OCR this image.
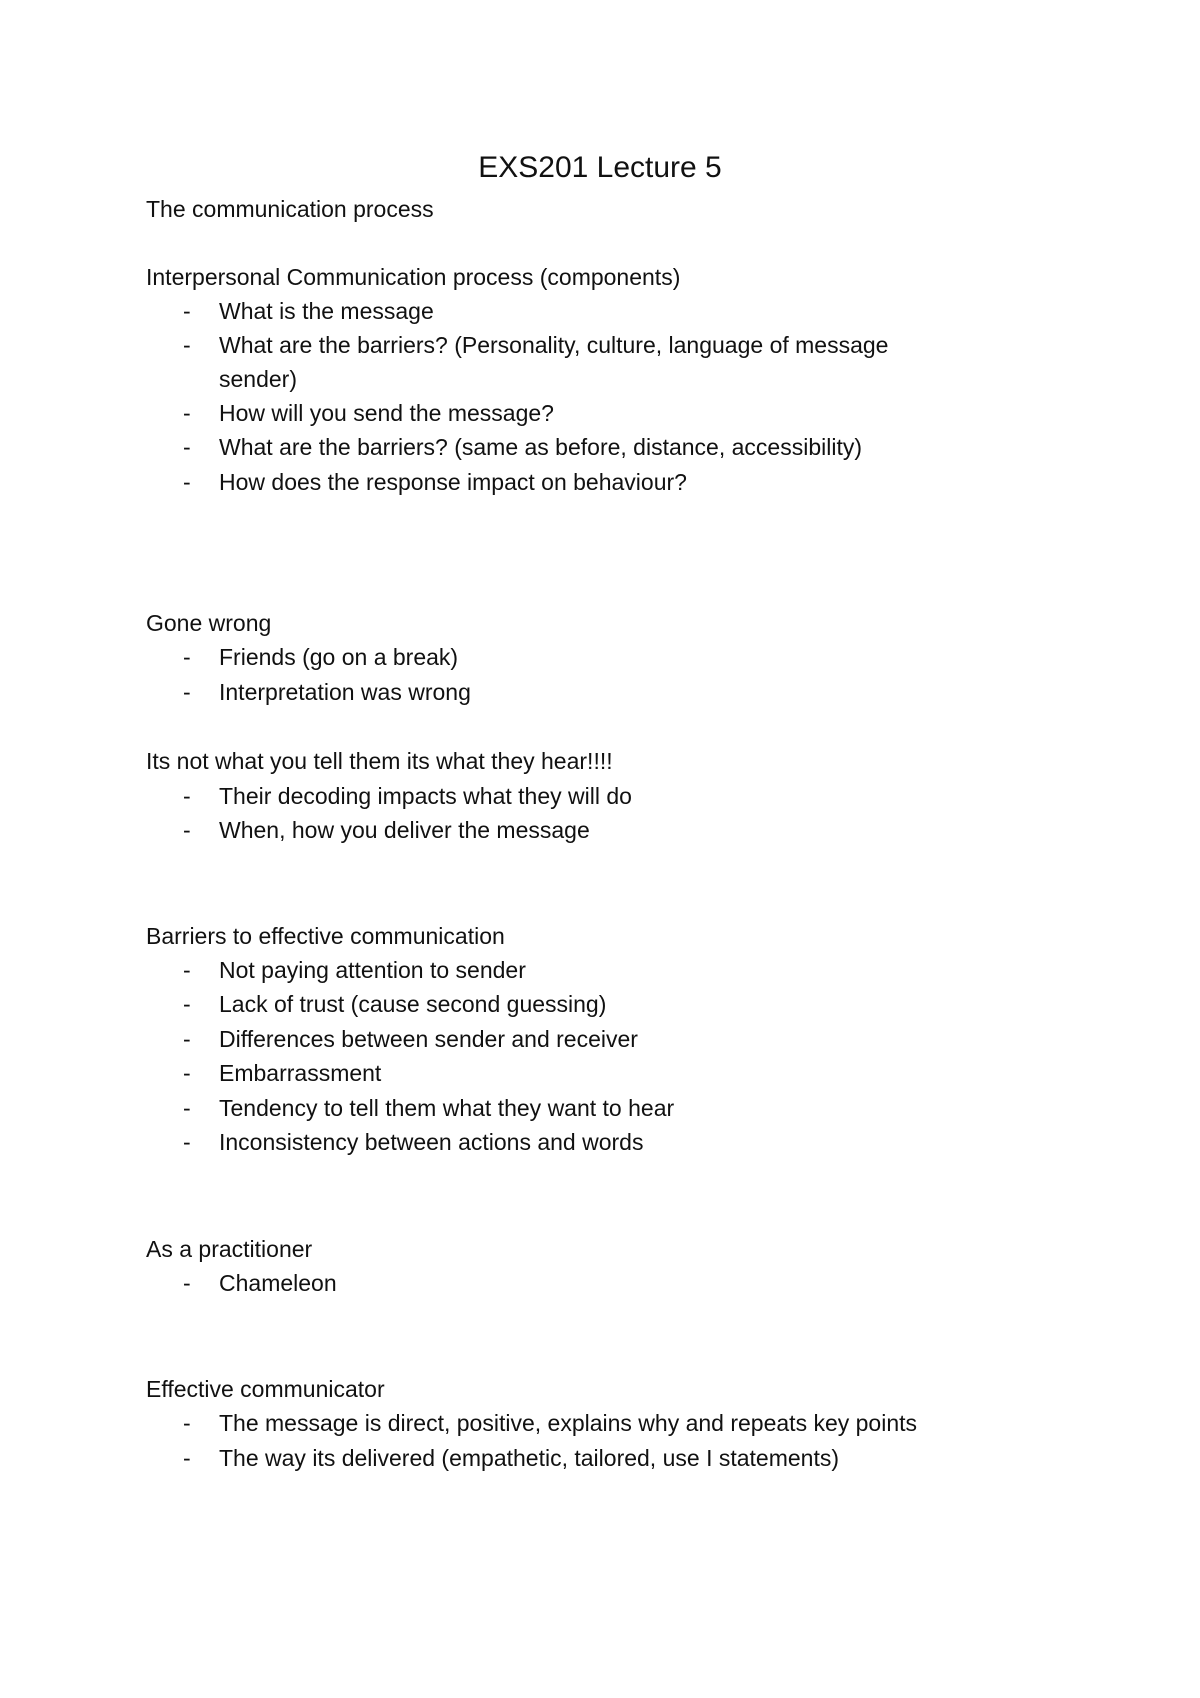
EXS201 Lecture 5
The communication process
Interpersonal Communication process (components)
- What is the message
- What are the barriers? (Personality, culture, language of message
sender)
- How will you send the message?
- What are the barriers? (same as before, distance, accessibility)
- How does the response impact on behaviour?
Gone wrong
- Friends (go on a break)
- Interpretation was wrong
Its not what you tell them its what they hear!!!!
- Their decoding impacts what they will do
- When, how you deliver the message
Barriers to effective communication
- Not paying attention to sender
- Lack of trust (cause second guessing)
- Differences between sender and receiver
- Embarrassment
- Tendency to tell them what they want to hear
- Inconsistency between actions and words
As a practitioner
- Chameleon
Effective communicator
- The message is direct, positive, explains why and repeats key points
- The way its delivered (empathetic, tailored, use I statements)
